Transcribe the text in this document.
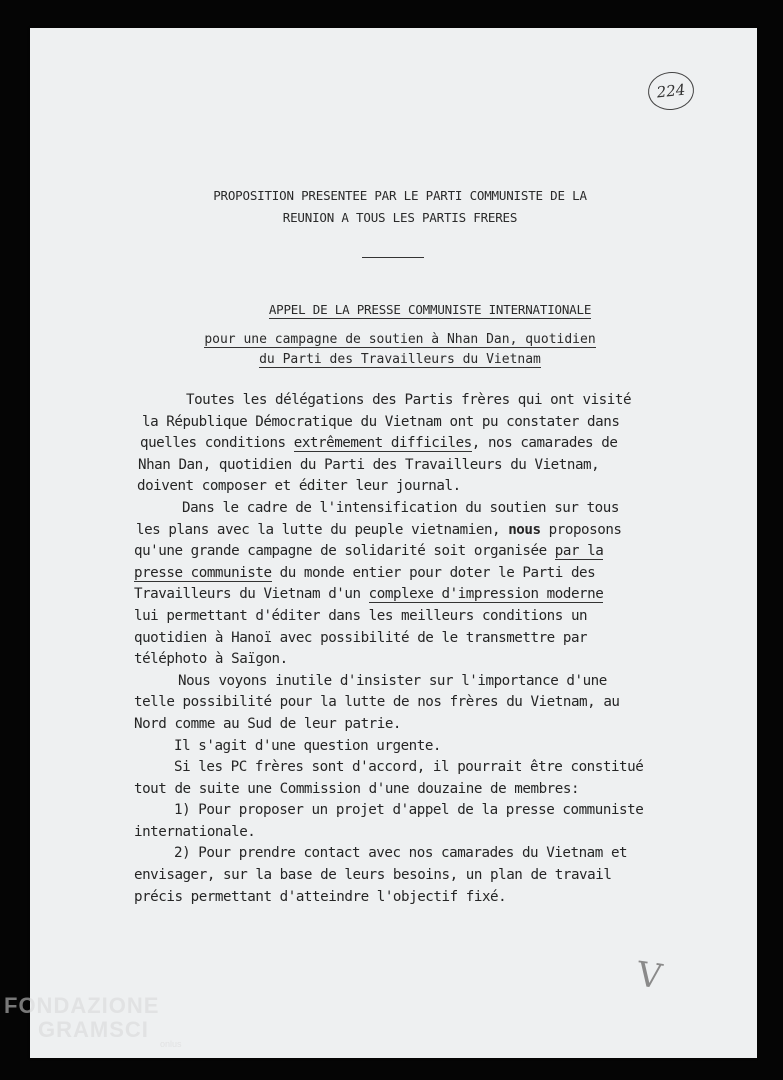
224
PROPOSITION PRESENTEE PAR LE PARTI COMMUNISTE DE LA
REUNION A TOUS LES PARTIS FRERES
APPEL DE LA PRESSE COMMUNISTE INTERNATIONALE
pour une campagne de soutien à Nhan Dan, quotidien
du Parti des Travailleurs du Vietnam
Toutes les délégations des Partis frères qui ont visité
la République Démocratique du Vietnam ont pu constater dans
quelles conditions extrêmement difficiles, nos camarades de
Nhan Dan, quotidien du Parti des Travailleurs du Vietnam,
doivent composer et éditer leur journal.
Dans le cadre de l'intensification du soutien sur tous
les plans avec la lutte du peuple vietnamien, nous proposons
qu'une grande campagne de solidarité soit organisée par la
presse communiste du monde entier pour doter le Parti des
Travailleurs du Vietnam d'un complexe d'impression moderne
lui permettant d'éditer dans les meilleurs conditions un
quotidien à Hanoï avec possibilité de le transmettre par
téléphoto à Saïgon.
Nous voyons inutile d'insister sur l'importance d'une
telle possibilité pour la lutte de nos frères du Vietnam, au
Nord comme au Sud de leur patrie.
Il s'agit d'une question urgente.
Si les PC frères sont d'accord, il pourrait être constitué
tout de suite une Commission d'une douzaine de membres:
1) Pour proposer un projet d'appel de la presse communiste
internationale.
2) Pour prendre contact avec nos camarades du Vietnam et
envisager, sur la base de leurs besoins, un plan de travail
précis permettant d'atteindre l'objectif fixé.
V
FONDAZIONE
GRAMSCI
onlus
